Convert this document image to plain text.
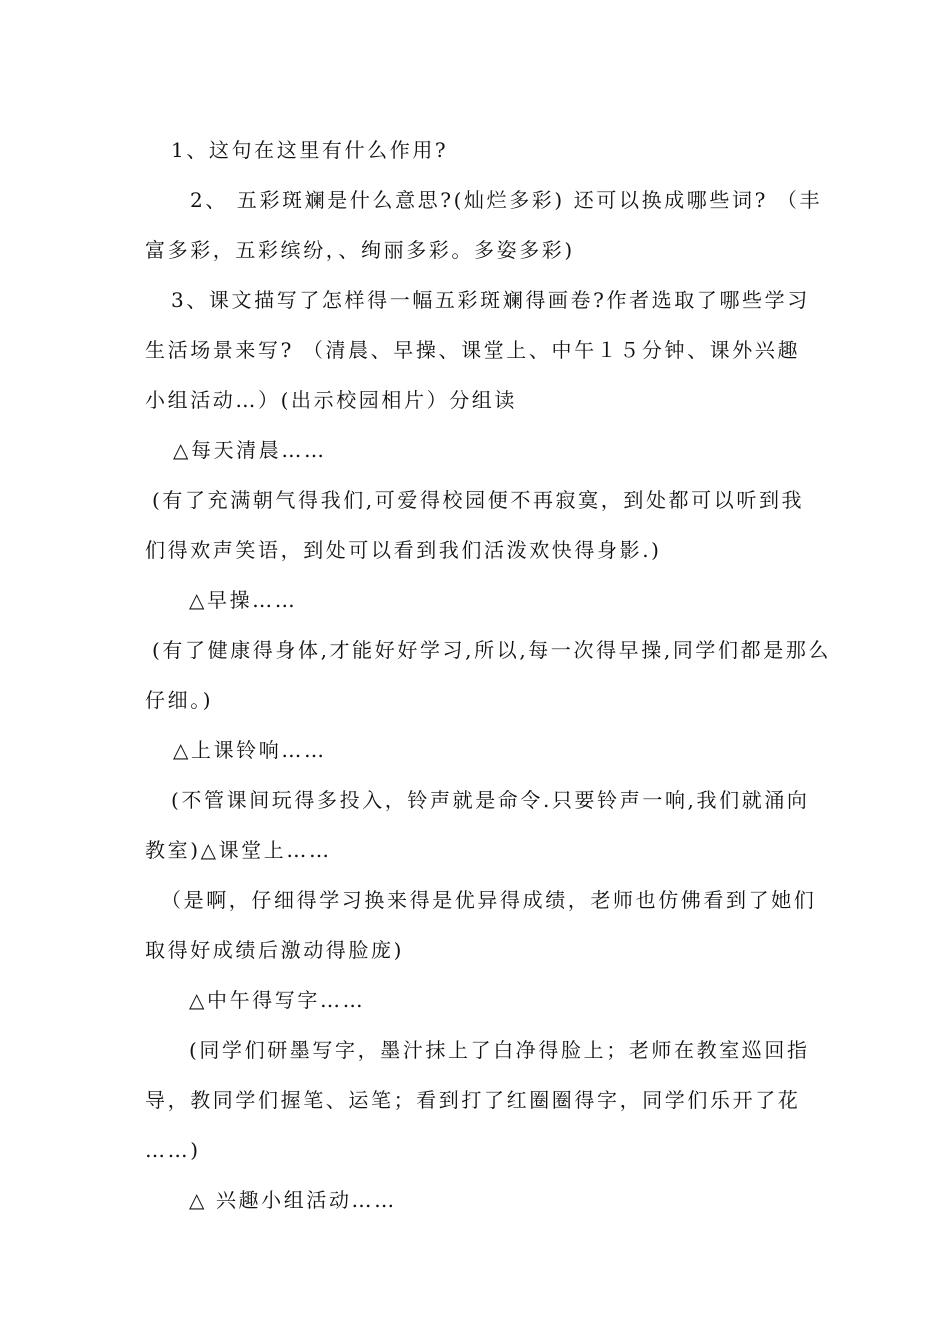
1、这句在这里有什么作用?
2、 五彩斑斓是什么意思?(灿烂多彩) 还可以换成哪些词? （丰
富多彩，五彩缤纷，、绚丽多彩。多姿多彩)
3、课文描写了怎样得一幅五彩斑斓得画卷?作者选取了哪些学习
生活场景来写? （清晨、早操、课堂上、中午１５分钟、课外兴趣
小组活动…）(出示校园相片）分组读
△每天清晨……
(有了充满朝气得我们,可爱得校园便不再寂寞，到处都可以听到我
们得欢声笑语，到处可以看到我们活泼欢快得身影.)
△早操……
(有了健康得身体,才能好好学习,所以,每一次得早操,同学们都是那么
仔细。)
△上课铃响……
(不管课间玩得多投入，铃声就是命令.只要铃声一响,我们就涌向
教室)△课堂上……
（是啊，仔细得学习换来得是优异得成绩，老师也仿佛看到了她们
取得好成绩后激动得脸庞)
△中午得写字……
(同学们研墨写字，墨汁抹上了白净得脸上；老师在教室巡回指
导，教同学们握笔、运笔；看到打了红圈圈得字，同学们乐开了花
……)
△ 兴趣小组活动……
